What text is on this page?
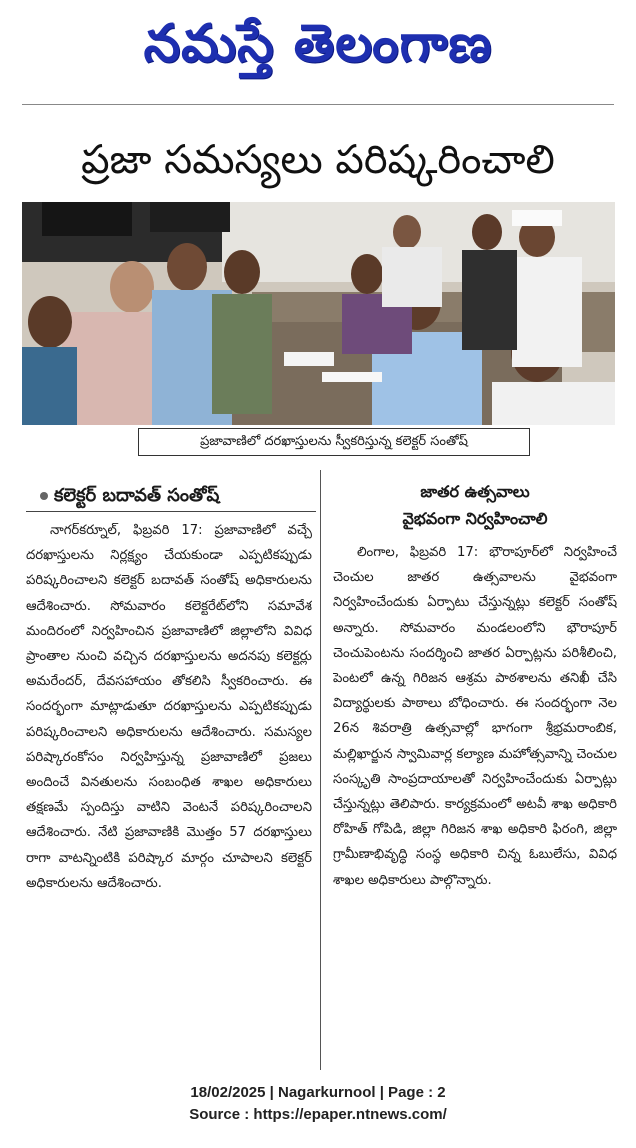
నమస్తే తెలంగాణ
ప్రజా సమస్యలు పరిష్కరించాలి
ప్రజావాణిలో దరఖాస్తులను స్వీకరిస్తున్న కలెక్టర్ సంతోష్
కలెక్టర్ బదావత్ సంతోష్
నాగర్‌కర్నూల్, ఫిబ్రవరి 17: ప్రజావాణిలో వచ్చే దరఖాస్తులను నిర్లక్ష్యం చేయకుండా ఎప్పటికప్పుడు పరిష్కరించాలని కలెక్టర్ బదావత్ సంతోష్ అధికారులను ఆదేశించారు. సోమవారం కలెక్టరేట్‌లోని సమావేశ మందిరంలో నిర్వహించిన ప్రజావాణిలో జిల్లాలోని వివిధ ప్రాంతాల నుంచి వచ్చిన దరఖాస్తులను అదనపు కలెక్టర్లు అమరేందర్, దేవసహాయం తోకలిసి స్వీకరించారు. ఈ సందర్భంగా మాట్లాడుతూ దరఖాస్తులను ఎప్పటికప్పుడు పరిష్కరించాలని అధికారులను ఆదేశించారు. సమస్యల పరిష్కారంకోసం నిర్వహిస్తున్న ప్రజావాణిలో ప్రజలు అందించే వినతులను సంబంధిత శాఖల అధికారులు తక్షణమే స్పందిస్తు వాటిని వెంటనే పరిష్కరించాలని ఆదేశించారు. నేటి ప్రజావాణికి మొత్తం 57 దరఖాస్తులు రాగా వాటన్నింటికి పరిష్కార మార్గం చూపాలని కలెక్టర్ అధికారులను ఆదేశించారు.
జాతర ఉత్సవాలు
వైభవంగా నిర్వహించాలి
లింగాల, ఫిబ్రవరి 17: భౌరాపూర్‌లో నిర్వహించే చెంచుల జాతర ఉత్సవాలను వైభవంగా నిర్వహించేందుకు ఏర్పాటు చేస్తున్నట్లు కలెక్టర్ సంతోష్ అన్నారు. సోమవారం మండలంలోని భౌరాపూర్ చెంచుపెంటను సందర్శించి జాతర ఏర్పాట్లను పరిశీలించి, పెంటలో ఉన్న గిరిజన ఆశ్రమ పాఠశాలను తనిఖీ చేసి విద్యార్థులకు పాఠాలు బోధించారు. ఈ సందర్భంగా నెల 26న శివరాత్రి ఉత్సవాల్లో భాగంగా శ్రీభ్రమరాంబిక, మల్లిఖార్జున స్వామివార్ల కల్యాణ మహోత్సవాన్ని చెంచుల సంస్కృతి సాంప్రదాయాలతో నిర్వహించేందుకు ఏర్పాట్లు చేస్తున్నట్లు తెలిపారు. కార్యక్రమంలో అటవీ శాఖ అధికారి రోహిత్ గోపిడి, జిల్లా గిరిజన శాఖ అధికారి ఫిరంగి, జిల్లా గ్రామీణాభివృద్ధి సంస్థ అధికారి చిన్న ఓబులేసు, వివిధ శాఖల అధికారులు పాల్గొన్నారు.
18/02/2025 | Nagarkurnool | Page : 2
Source : https://epaper.ntnews.com/
